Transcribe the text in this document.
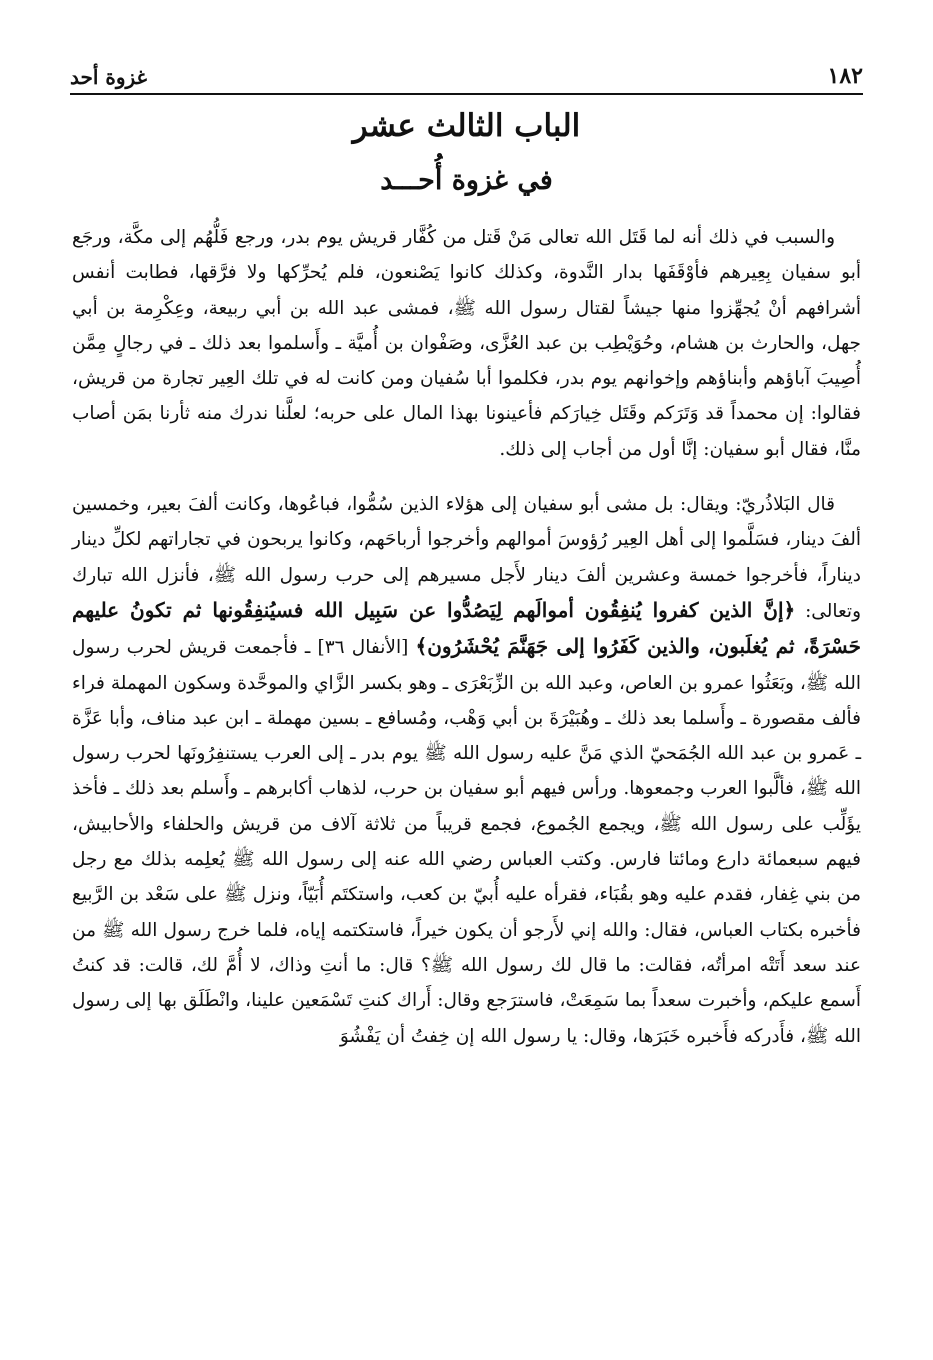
١٨٢
غزوة أحد
الباب الثالث عشر
في غزوة أُحـــد

والسبب في ذلك أنه لما قَتَل الله تعالى مَنْ قَتل من كُفَّار قريش يوم بدر، ورجع فَلُّهُم إلى مكَّة، ورجَع أبو سفيان بِعِيرهم فأوْقَفَها بدار النَّدوة، وكذلك كانوا يَصْنعون، فلم يُحرِّكها ولا فرَّقها، فطابت أنفس أشرافهم أنْ يُجهِّزوا منها جيشاً لقتال رسول الله ﷺ، فمشى عبد الله بن أبي ربيعة، وعِكْرِمة بن أبي جهل، والحارث بن هشام، وحُوَيْطِب بن عبد العُزَّى، وصَفْوان بن أُميَّة ـ وأَسلموا بعد ذلك ـ في رجالٍ مِمَّن أُصِيبَ آباؤهم وأبناؤهم وإخوانهم يوم بدر، فكلموا أبا سُفيان ومن كانت له في تلك العِير تجارة من قريش، فقالوا: إن محمداً قد وَتَرَكم وقَتَل خِيارَكم فأعينونا بهذا المال على حربه؛ لعلَّنا ندرك منه ثأرنا بمَن أصاب منَّا، فقال أبو سفيان: إنَّا أول من أجاب إلى ذلك.

قال البَلاذُريّ: ويقال: بل مشى أبو سفيان إلى هؤلاء الذين سُمُّوا، فباعُوها، وكانت ألفَ بعير، وخمسين ألفَ دينار، فسَلَّموا إلى أهل العِير رُؤوسَ أموالهم وأخرجوا أرباحَهم، وكانوا يربحون في تجاراتهم لكلِّ دينار ديناراً، فأخرجوا خمسة وعشرين ألفَ دينار لأَجل مسيرهم إلى حرب رسول الله ﷺ، فأنزل الله تبارك وتعالى: ﴿إنَّ الذين كفروا يُنفِقُون أموالَهم لِيَصُدُّوا عن سَبِيل الله فسيُنفِقُونها ثم تكونُ عليهم حَسْرَةً، ثم يُغلَبون، والذين كَفَرُوا إلى جَهَنَّمَ يُحْشَرُون﴾ [الأنفال ٣٦] ـ فأجمعت قريش لحرب رسول الله ﷺ، وبَعَثُوا عمرو بن العاص، وعبد الله بن الزِّبَعْرَى ـ وهو بكسر الزَّاي والموحَّدة وسكون المهملة فراء فألف مقصورة ـ وأَسلما بعد ذلك ـ وهُبَيْرَةَ بن أبي وَهْب، ومُسافع ـ بسين مهملة ـ ابن عبد مناف، وأبا عَزَّة ـ عَمرو بن عبد الله الجُمَحيّ الذي مَنَّ عليه رسول الله ﷺ يوم بدر ـ إلى العرب يستنفِرُونَها لحرب رسول الله ﷺ، فألَّبوا العرب وجمعوها. ورأس فيهم أبو سفيان بن حرب، لذهاب أكابرهم ـ وأَسلم بعد ذلك ـ فأخذ يؤَلِّب على رسول الله ﷺ، ويجمع الجُموع، فجمع قريباً من ثلاثة آلاف من قريش والحلفاء والأحابيش، فيهم سبعمائة دارع ومائتا فارس. وكتب العباس رضي الله عنه إلى رسول الله ﷺ يُعلِمه بذلك مع رجل من بني غِفار، فقدم عليه وهو بقُبَاء، فقرأه عليه أُبيّ بن كعب، واستكتَم أُبَيّاً، ونزل ﷺ على سَعْد بن الرَّبيع فأخبره بكتاب العباس، فقال: والله إني لأَرجو أن يكون خيراً، فاستكتمه إياه، فلما خرج رسول الله ﷺ من عند سعد أَتَتْه امرأتُه، فقالت: ما قال لك رسول الله ﷺ؟ قال: ما أنتِ وذاك، لا أُمَّ لك، قالت: قد كنتُ أَسمع عليكم، وأخبرت سعداً بما سَمِعَتْ، فاسترَجع وقال: أَراك كنتِ تَسْمَعين علينا، وانْطَلَق بها إلى رسول الله ﷺ، فأَدركه فأَخبره خَبَرَها، وقال: يا رسول الله إن خِفتُ أن يَفْشُوَ
